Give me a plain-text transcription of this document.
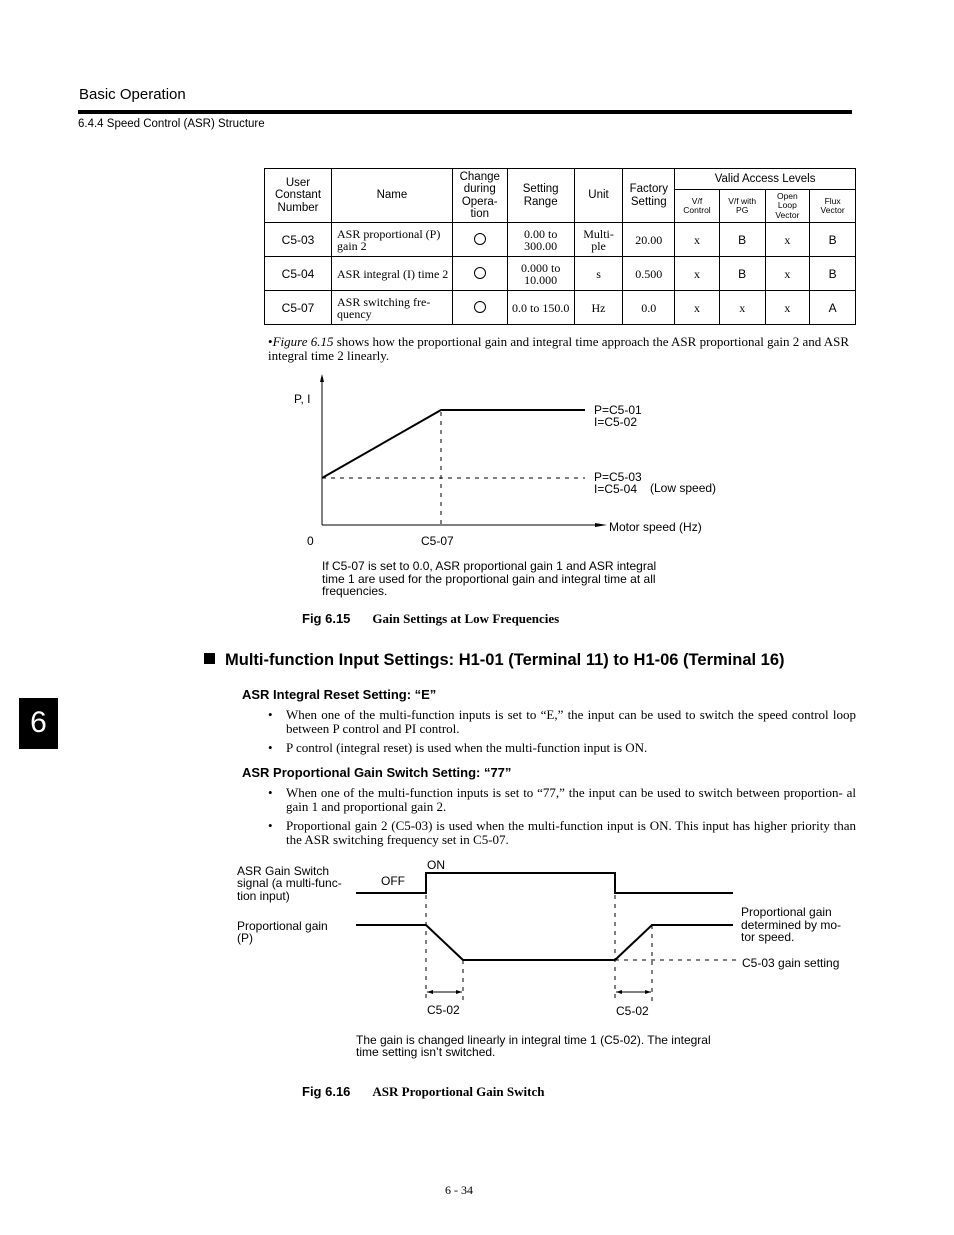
Basic Operation
6.4.4 Speed Control (ASR) Structure
User Constant Number	Name	Change during Opera- tion	Setting Range	Unit	Factory Setting	Valid Access Levels			
						V/f Control	V/f with PG	Open Loop Vector	Flux Vector
C5-03	ASR proportional (P) gain 2		0.00 to 300.00	Multi- ple	20.00	x	B	x	B
C5-04	ASR integral (I) time 2		0.000 to 10.000	s	0.500	x	B	x	B
C5-07	ASR switching fre- quency		0.0 to 150.0	Hz	0.0	x	x	x	A
•Figure 6.15 shows how the proportional gain and integral time approach the ASR proportional gain 2 and ASR integral time 2 linearly.
P, I
P=C5-01
I=C5-02
P=C5-03
I=C5-04 (Low speed)
Motor speed (Hz)
0	C5-07
If C5-07 is set to 0.0, ASR proportional gain 1 and ASR integral time 1 are used for the proportional gain and integral time at all frequencies.
Fig 6.15 Gain Settings at Low Frequencies
Multi-function Input Settings: H1-01 (Terminal 11) to H1-06 (Terminal 16)
ASR Integral Reset Setting: “E”
• When one of the multi-function inputs is set to “E,” the input can be used to switch the speed control loop between P control and PI control.
• P control (integral reset) is used when the multi-function input is ON.
ASR Proportional Gain Switch Setting: “77”
• When one of the multi-function inputs is set to “77,” the input can be used to switch between proportion- al gain 1 and proportional gain 2.
• Proportional gain 2 (C5-03) is used when the multi-function input is ON. This input has higher priority than the ASR switching frequency set in C5-07.
ASR Gain Switch
signal (a multi-func-
tion input)
ON
OFF
Proportional gain
(P)
C5-02	C5-02
Proportional gain
determined by mo-
tor speed.
C5-03 gain setting
The gain is changed linearly in integral time 1 (C5-02). The integral
time setting isn’t switched.
Fig 6.16 ASR Proportional Gain Switch
6
6 - 34
